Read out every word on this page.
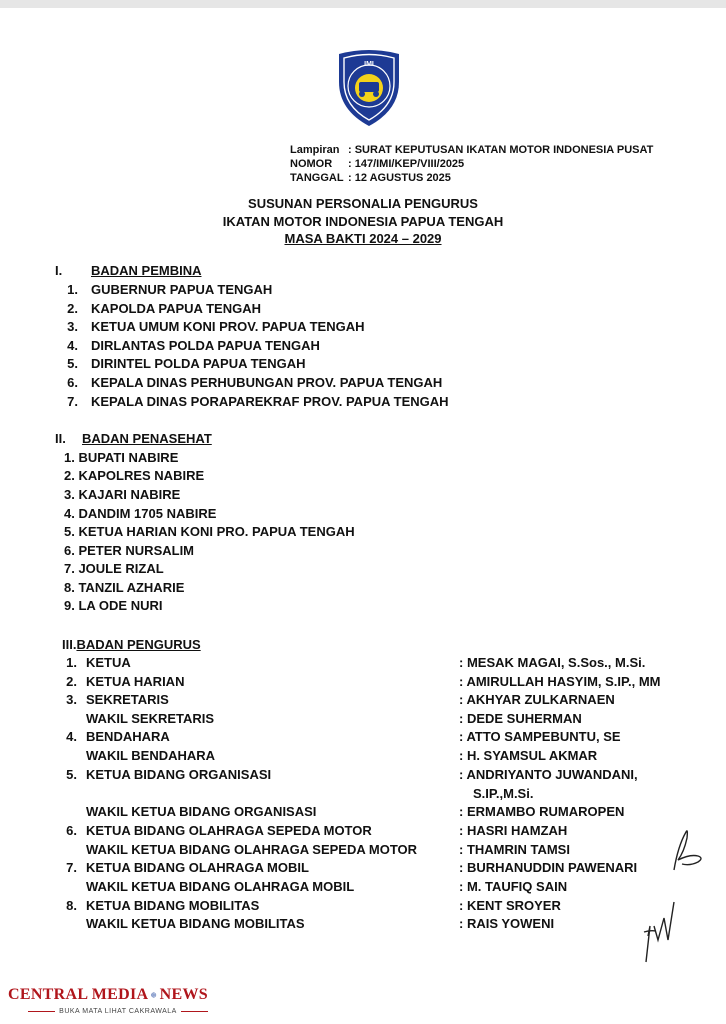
IMI
Lampiran : SURAT KEPUTUSAN IKATAN MOTOR INDONESIA PUSAT
NOMOR	: 147/IMI/KEP/VIII/2025
TANGGAL : 12 AGUSTUS 2025
SUSUNAN PERSONALIA PENGURUS
IKATAN MOTOR INDONESIA PAPUA TENGAH
MASA BAKTI 2024 – 2029
I. BADAN PEMBINA
1. GUBERNUR PAPUA TENGAH
2. KAPOLDA PAPUA TENGAH
3. KETUA UMUM KONI PROV. PAPUA TENGAH
4. DIRLANTAS POLDA PAPUA TENGAH
5. DIRINTEL POLDA PAPUA TENGAH
6. KEPALA DINAS PERHUBUNGAN PROV. PAPUA TENGAH
7. KEPALA DINAS PORAPAREKRAF PROV. PAPUA TENGAH
II. BADAN PENASEHAT
1. BUPATI NABIRE
2. KAPOLRES NABIRE
3. KAJARI NABIRE
4. DANDIM 1705 NABIRE
5. KETUA HARIAN KONI PRO. PAPUA TENGAH
6. PETER NURSALIM
7. JOULE RIZAL
8. TANZIL AZHARIE
9. LA ODE NURI
III.BADAN PENGURUS
1. KETUA	: MESAK MAGAI, S.Sos., M.Si.
2. KETUA HARIAN	: AMIRULLAH HASYIM, S.IP., MM
3. SEKRETARIS	: AKHYAR ZULKARNAEN
WAKIL SEKRETARIS	: DEDE SUHERMAN
4. BENDAHARA	: ATTO SAMPEBUNTU, SE
WAKIL BENDAHARA	: H. SYAMSUL AKMAR
5. KETUA BIDANG ORGANISASI	: ANDRIYANTO JUWANDANI,
S.IP.,M.Si.
WAKIL KETUA BIDANG ORGANISASI	: ERMAMBO RUMAROPEN
6. KETUA BIDANG OLAHRAGA SEPEDA MOTOR	: HASRI HAMZAH
WAKIL KETUA BIDANG OLAHRAGA SEPEDA MOTOR	: THAMRIN TAMSI
7. KETUA BIDANG OLAHRAGA MOBIL	: BURHANUDDIN PAWENARI
WAKIL KETUA BIDANG OLAHRAGA MOBIL	: M. TAUFIQ SAIN
8. KETUA BIDANG MOBILITAS	: KENT SROYER
WAKIL KETUA BIDANG MOBILITAS	: RAIS YOWENI
CENTRAL MEDIA NEWS
BUKA MATA LIHAT CAKRAWALA
